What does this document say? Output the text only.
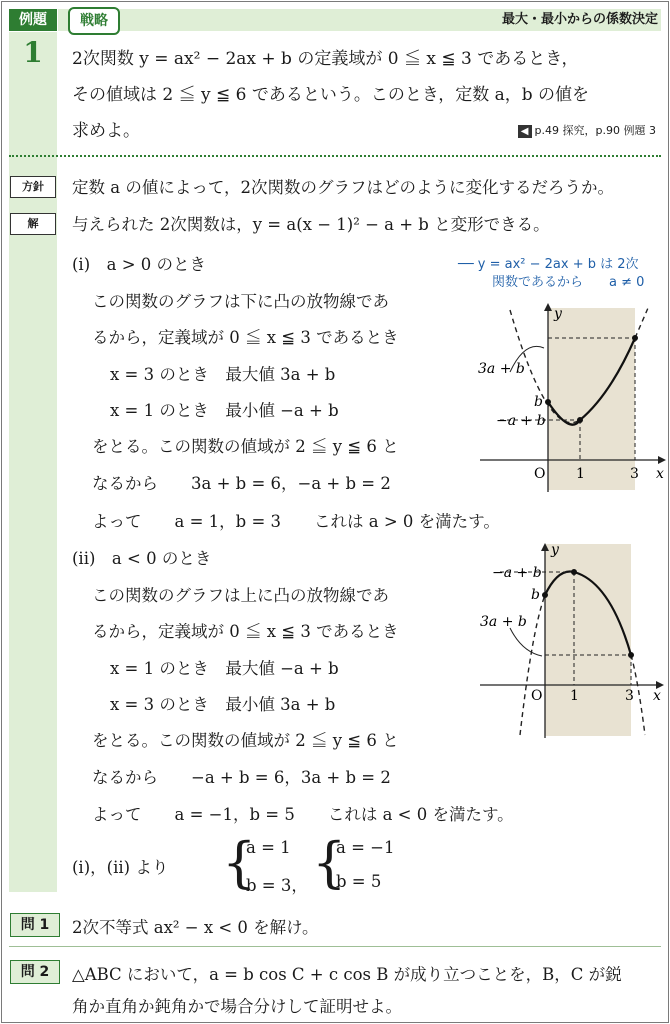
例題
1
戦略	最大・最小からの係数決定
2次関数 y = ax² − 2ax + b の定義域が 0 ≦ x ≦ 3 であるとき，
その値域は 2 ≦ y ≦ 6 であるという。このとき，定数 a，b の値を
求めよ。	◀ p.49 探究，p.90 例題 3
方針	定数 a の値によって，2次関数のグラフはどのように変化するだろうか。
解	与えられた 2次関数は，y = a(x − 1)² − a + b と変形できる。
── y = ax² − 2ax + b は 2次
関数であるから　　a ≠ 0
(i)　a > 0 のとき
この関数のグラフは下に凸の放物線であ
るから，定義域が 0 ≦ x ≦ 3 であるとき
x = 3 のとき　最大値 3a + b
x = 1 のとき　最小値 −a + b
をとる。この関数の値域が 2 ≦ y ≦ 6 と
なるから　　3a + b = 6，−a + b = 2
よって　　a = 1，b = 3　　これは a > 0 を満たす。
3a + b
b
−a + b
y
x
O 1	3
(ii)　a < 0 のとき
この関数のグラフは上に凸の放物線であ
るから，定義域が 0 ≦ x ≦ 3 であるとき
x = 1 のとき　最大値 −a + b
x = 3 のとき　最小値 3a + b
をとる。この関数の値域が 2 ≦ y ≦ 6 と
なるから　　−a + b = 6，3a + b = 2
よって　　a = −1，b = 5　　これは a < 0 を満たす。
−a + b
b
3a + b
y
x
O 1	3
(i)，(ii) より {
a = 1
b = 3， {
a = −1
b = 5
問 1	2次不等式 ax² − x < 0 を解け。
問 2	△ABC において，a = b cos C + c cos B が成り立つことを，B，C が鋭
角か直角か鈍角かで場合分けして証明せよ。
